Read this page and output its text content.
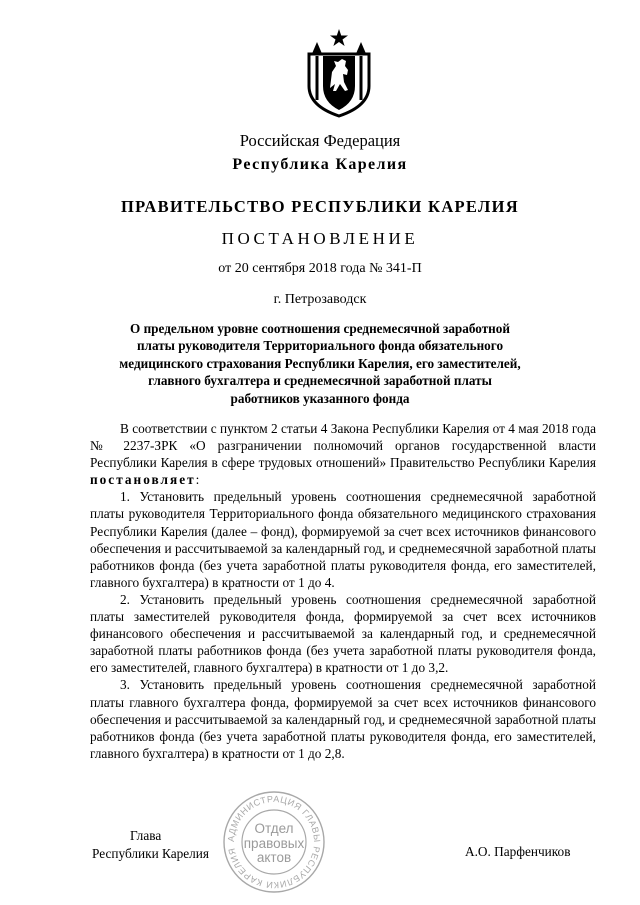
Российская Федерация
Республика Карелия
ПРАВИТЕЛЬСТВО РЕСПУБЛИКИ КАРЕЛИЯ
ПОСТАНОВЛЕНИЕ
от 20 сентября 2018 года № 341-П
г. Петрозаводск
О предельном уровне соотношения среднемесячной заработной
платы руководителя Территориального фонда обязательного
медицинского страхования Республики Карелия, его заместителей,
главного бухгалтера и среднемесячной заработной платы
работников указанного фонда

В соответствии с пунктом 2 статьи 4 Закона Республики Карелия от 4 мая 2018 года № 2237-ЗРК «О разграничении полномочий органов государственной власти Республики Карелия в сфере трудовых отношений» Правительство Республики Карелия постановляет:

1. Установить предельный уровень соотношения среднемесячной заработной платы руководителя Территориального фонда обязательного медицинского страхования Республики Карелия (далее – фонд), формируемой за счет всех источников финансового обеспечения и рассчитываемой за календарный год, и среднемесячной заработной платы работников фонда (без учета заработной платы руководителя фонда, его заместителей, главного бухгалтера) в кратности от 1 до 4.

2. Установить предельный уровень соотношения среднемесячной заработной платы заместителей руководителя фонда, формируемой за счет всех источников финансового обеспечения и рассчитываемой за календарный год, и среднемесячной заработной платы работников фонда (без учета заработной платы руководителя фонда, его заместителей, главного бухгалтера) в кратности от 1 до 3,2.

3. Установить предельный уровень соотношения среднемесячной заработной платы главного бухгалтера фонда, формируемой за счет всех источников финансового обеспечения и рассчитываемой за календарный год, и среднемесячной заработной платы работников фонда (без учета заработной платы руководителя фонда, его заместителей, главного бухгалтера) в кратности от 1 до 2,8.

Глава
Республики Карелия	А.О. Парфенчиков
АДМИНИСТРАЦИЯ ГЛАВЫ РЕСПУБЛИКИ КАРЕЛИЯ
Отдел
правовых
актов
